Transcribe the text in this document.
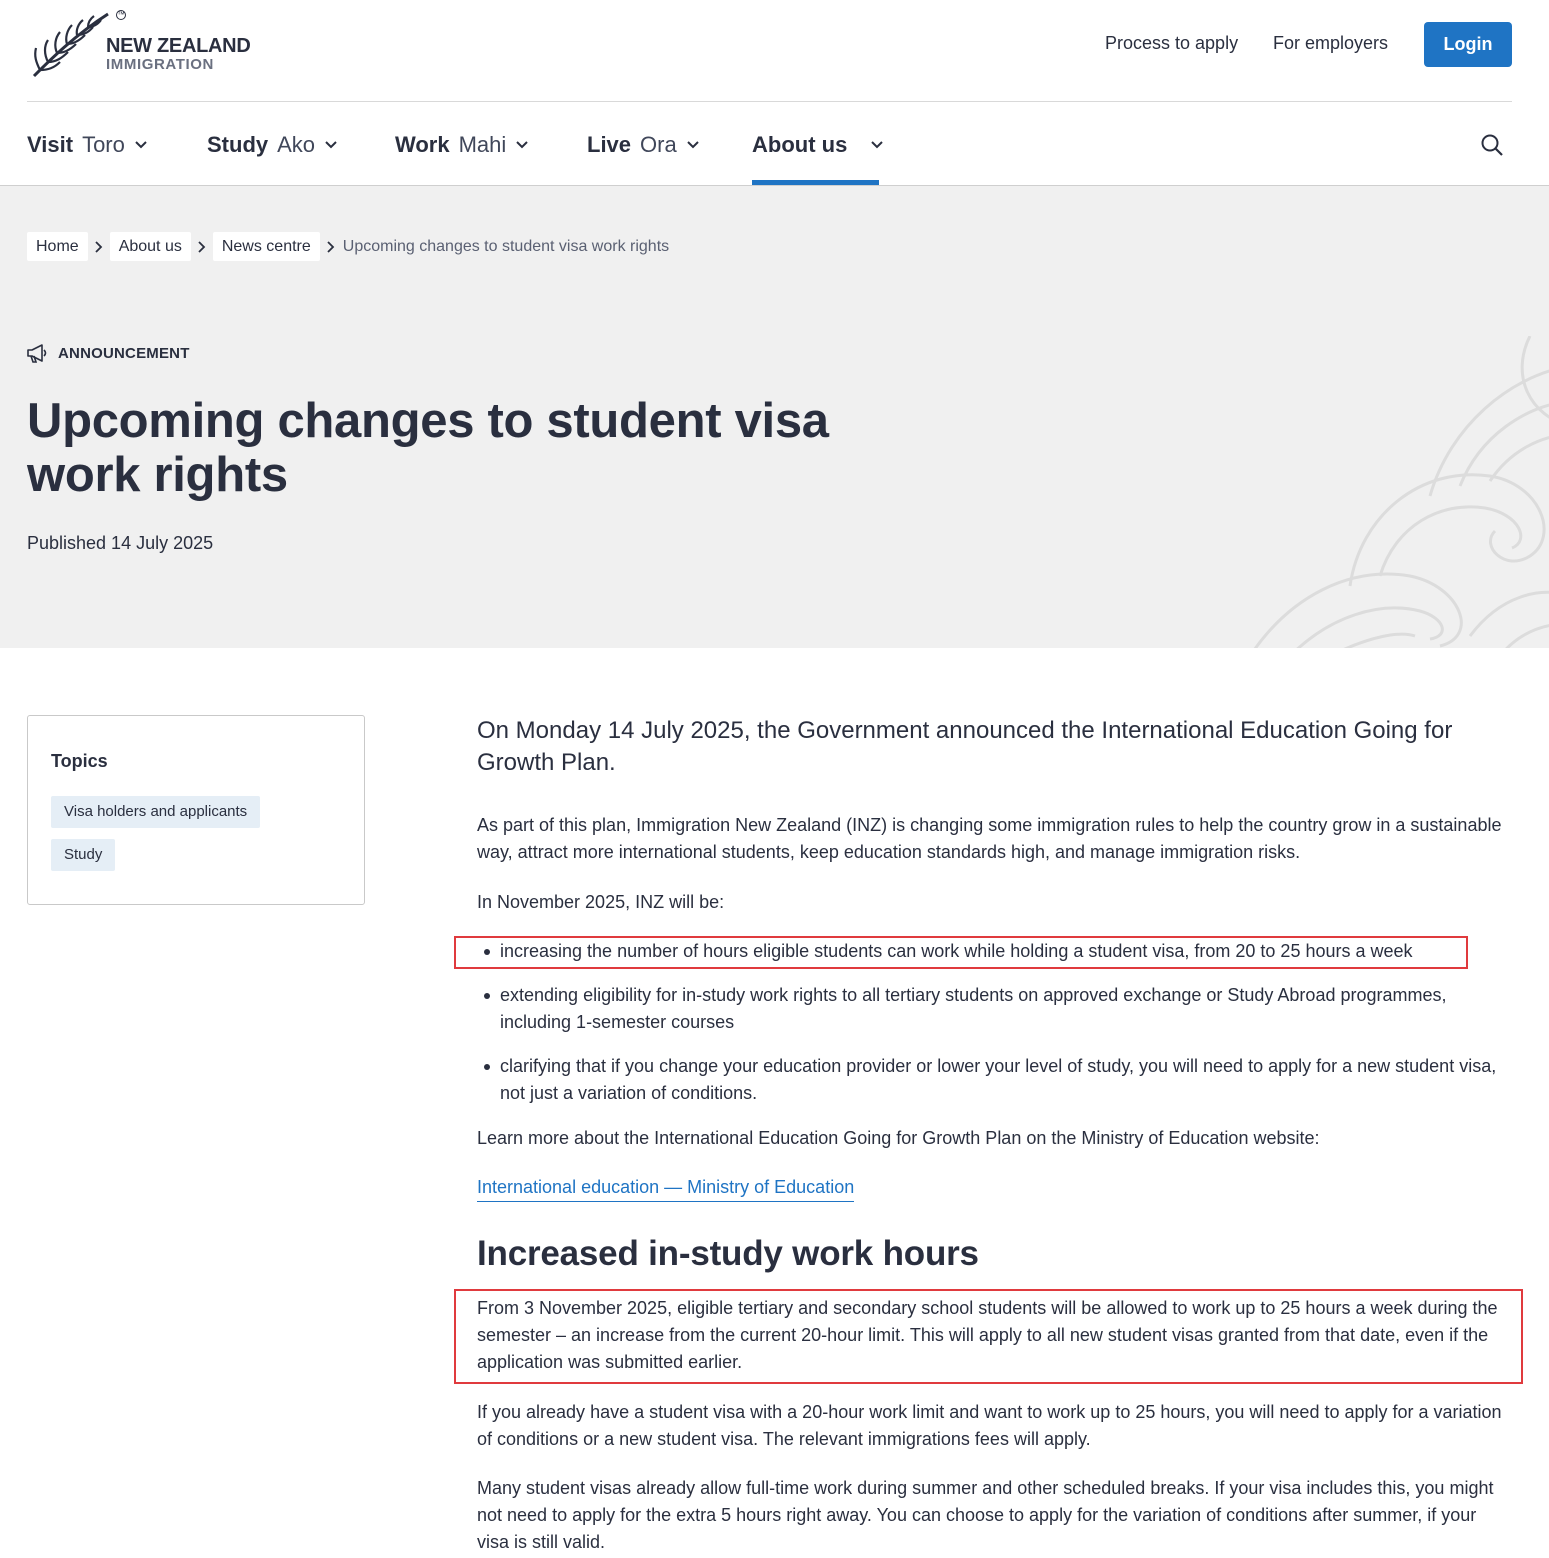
™
NEW ZEALAND
IMMIGRATION
Process to apply For employers	Login
Visit Toro	Study Ako	Work Mahi	Live Ora	About us
Home	About us	News centre	Upcoming changes to student visa work rights
ANNOUNCEMENT
Upcoming changes to student visa work rights
Published 14 July 2025
Topics
Visa holders and applicants
Study

On Monday 14 July 2025, the Government announced the International Education Going for Growth Plan.

As part of this plan, Immigration New Zealand (INZ) is changing some immigration rules to help the country grow in a sustainable way, attract more international students, keep education standards high, and manage immigration risks.

In November 2025, INZ will be:

increasing the number of hours eligible students can work while holding a student visa, from 20 to 25 hours a week
extending eligibility for in-study work rights to all tertiary students on approved exchange or Study Abroad programmes, including 1-semester courses
clarifying that if you change your education provider or lower your level of study, you will need to apply for a new student visa, not just a variation of conditions.

Learn more about the International Education Going for Growth Plan on the Ministry of Education website:

International education — Ministry of Education
Increased in-study work hours

From 3 November 2025, eligible tertiary and secondary school students will be allowed to work up to 25 hours a week during the semester – an increase from the current 20-hour limit. This will apply to all new student visas granted from that date, even if the application was submitted earlier.

If you already have a student visa with a 20-hour work limit and want to work up to 25 hours, you will need to apply for a variation of conditions or a new student visa. The relevant immigrations fees will apply.

Many student visas already allow full-time work during summer and other scheduled breaks. If your visa includes this, you might not need to apply for the extra 5 hours right away. You can choose to apply for the variation of conditions after summer, if your visa is still valid.
